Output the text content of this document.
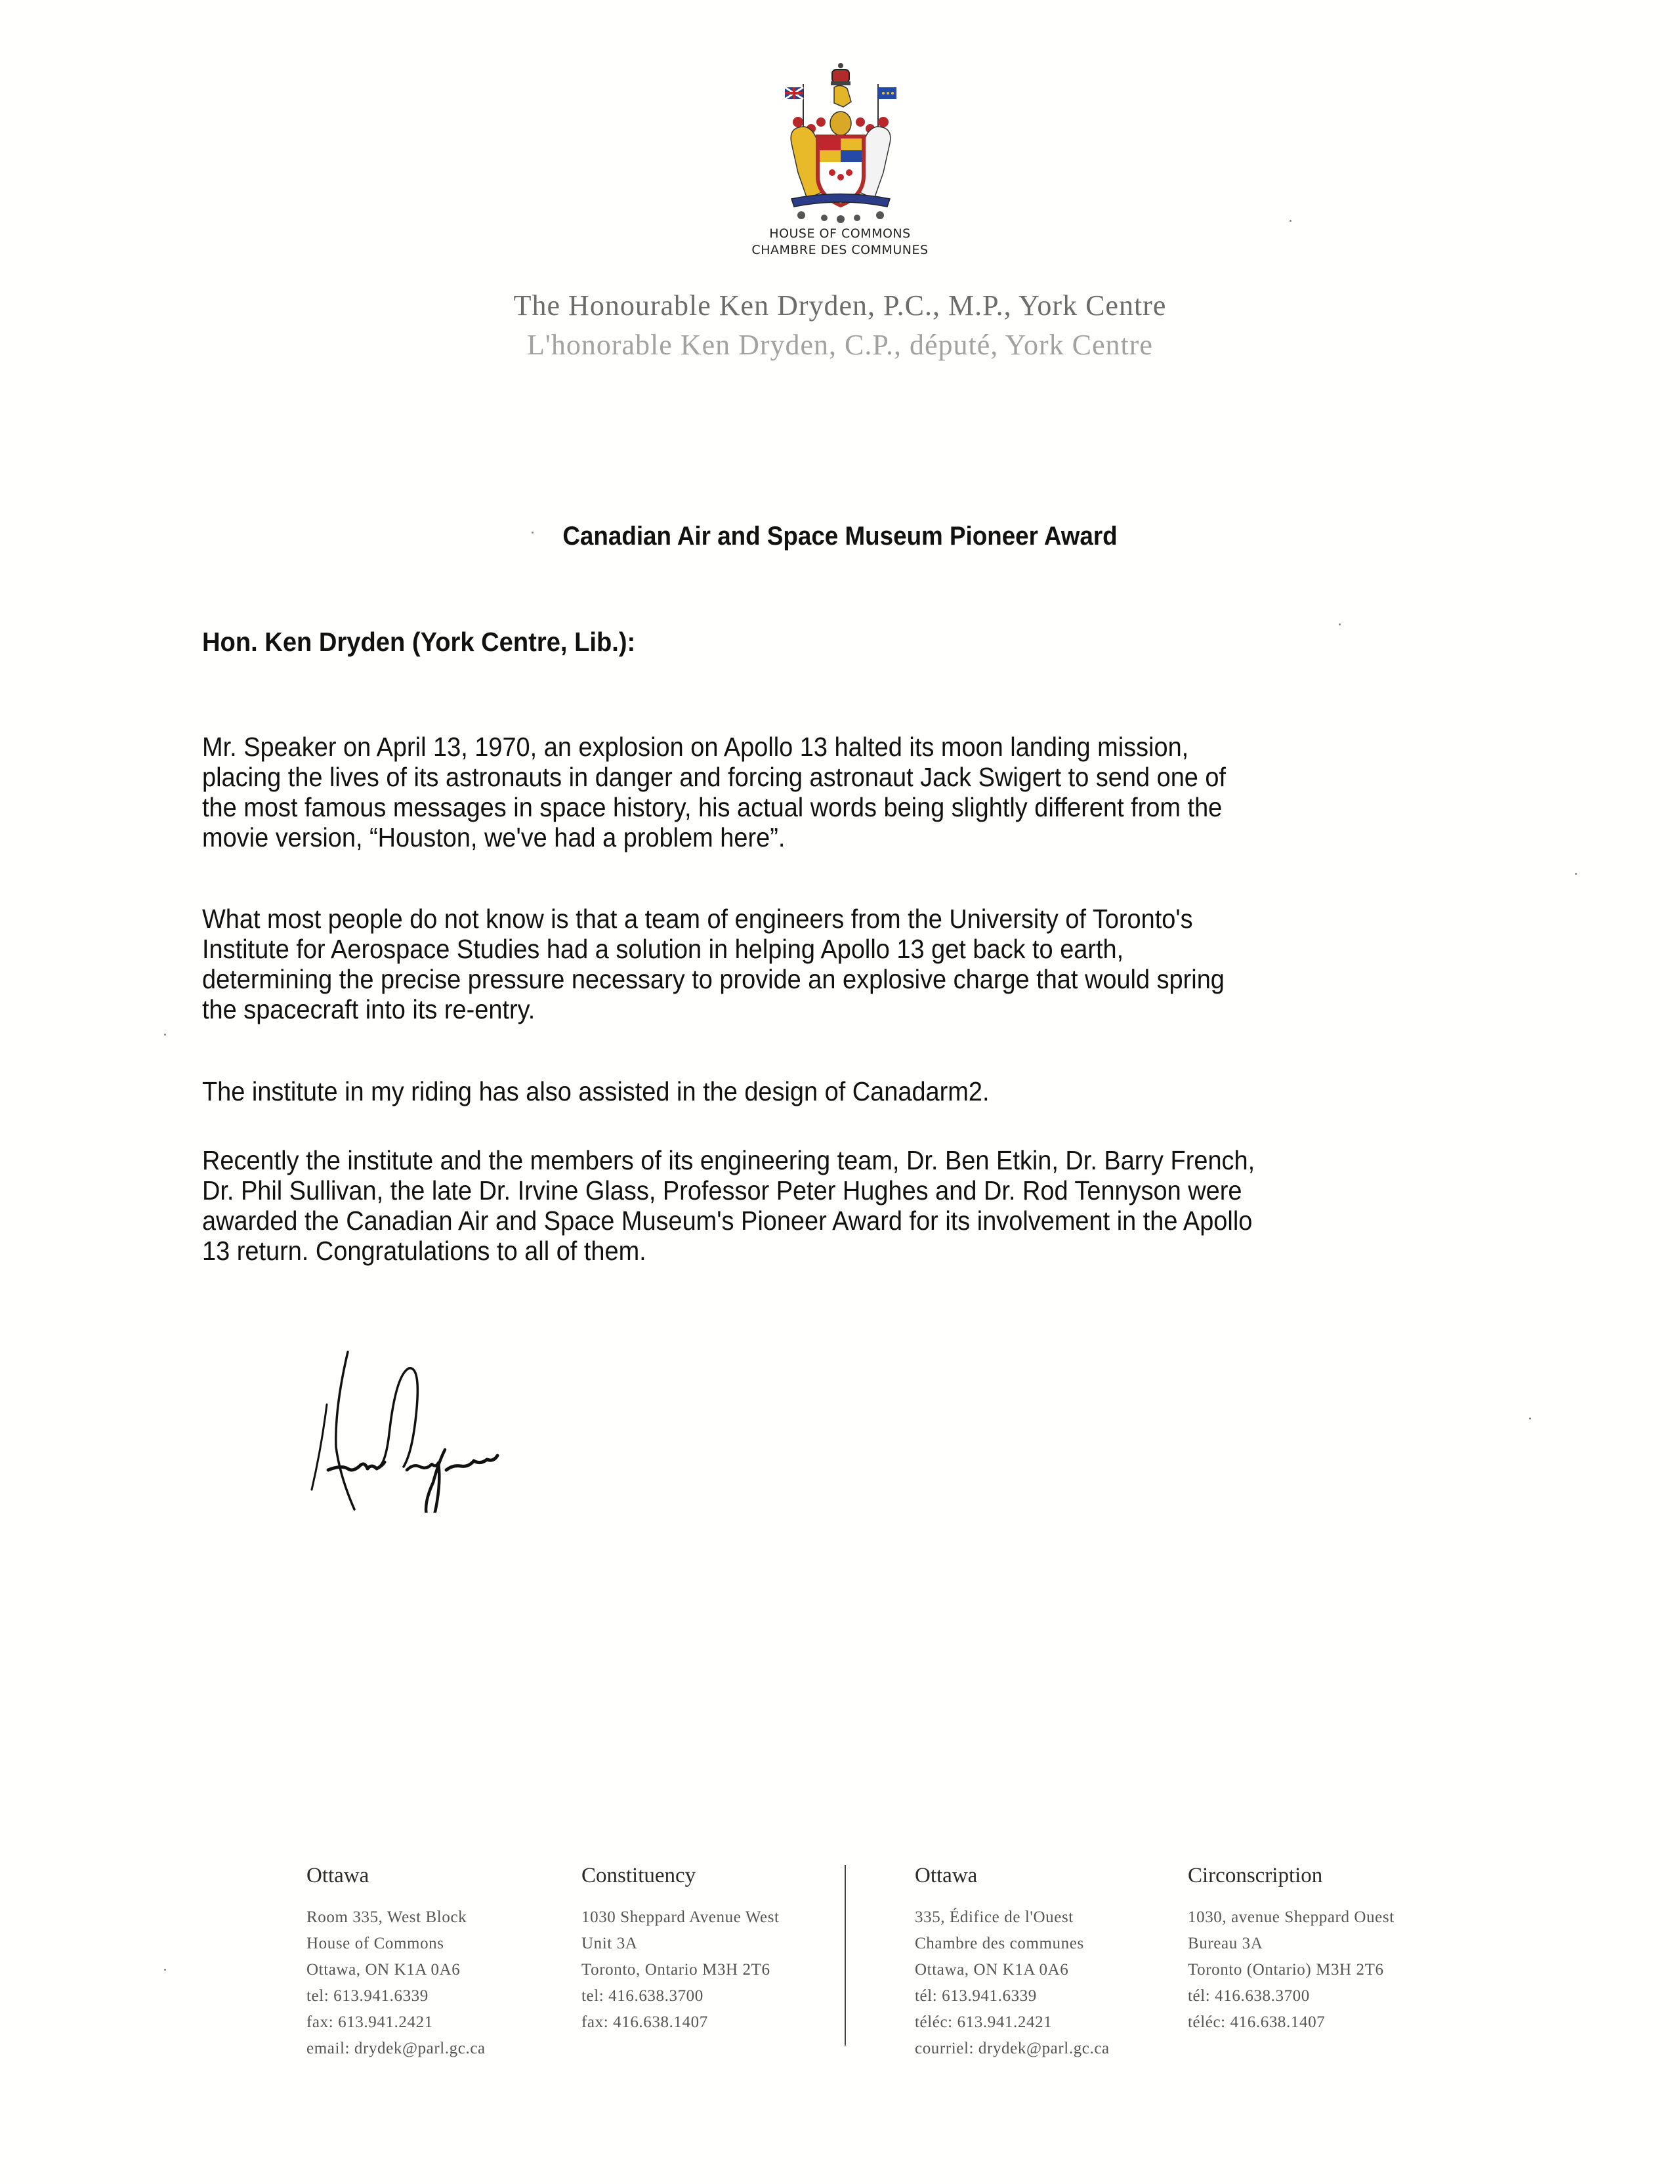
HOUSE OF COMMONS
CHAMBRE DES COMMUNES
The Honourable Ken Dryden, P.C., M.P., York Centre
L'honorable Ken Dryden, C.P., député, York Centre
Canadian Air and Space Museum Pioneer Award
Hon. Ken Dryden (York Centre, Lib.):

Mr. Speaker on April 13, 1970, an explosion on Apollo 13 halted its moon landing mission,
placing the lives of its astronauts in danger and forcing astronaut Jack Swigert to send one of
the most famous messages in space history, his actual words being slightly different from the
movie version, “Houston, we've had a problem here”.

What most people do not know is that a team of engineers from the University of Toronto's
Institute for Aerospace Studies had a solution in helping Apollo 13 get back to earth,
determining the precise pressure necessary to provide an explosive charge that would spring
the spacecraft into its re-entry.

The institute in my riding has also assisted in the design of Canadarm2.

Recently the institute and the members of its engineering team, Dr. Ben Etkin, Dr. Barry French,
Dr. Phil Sullivan, the late Dr. Irvine Glass, Professor Peter Hughes and Dr. Rod Tennyson were
awarded the Canadian Air and Space Museum's Pioneer Award for its involvement in the Apollo
13 return. Congratulations to all of them.

Ottawa
Room 335, West Block
House of Commons
Ottawa, ON K1A 0A6
tel: 613.941.6339
fax: 613.941.2421
email: drydek@parl.gc.ca
Constituency
1030 Sheppard Avenue West
Unit 3A
Toronto, Ontario M3H 2T6
tel: 416.638.3700
fax: 416.638.1407
Ottawa
335, Édifice de l'Ouest
Chambre des communes
Ottawa, ON K1A 0A6
tél: 613.941.6339
téléc: 613.941.2421
courriel: drydek@parl.gc.ca
Circonscription
1030, avenue Sheppard Ouest
Bureau 3A
Toronto (Ontario) M3H 2T6
tél: 416.638.3700
téléc: 416.638.1407
